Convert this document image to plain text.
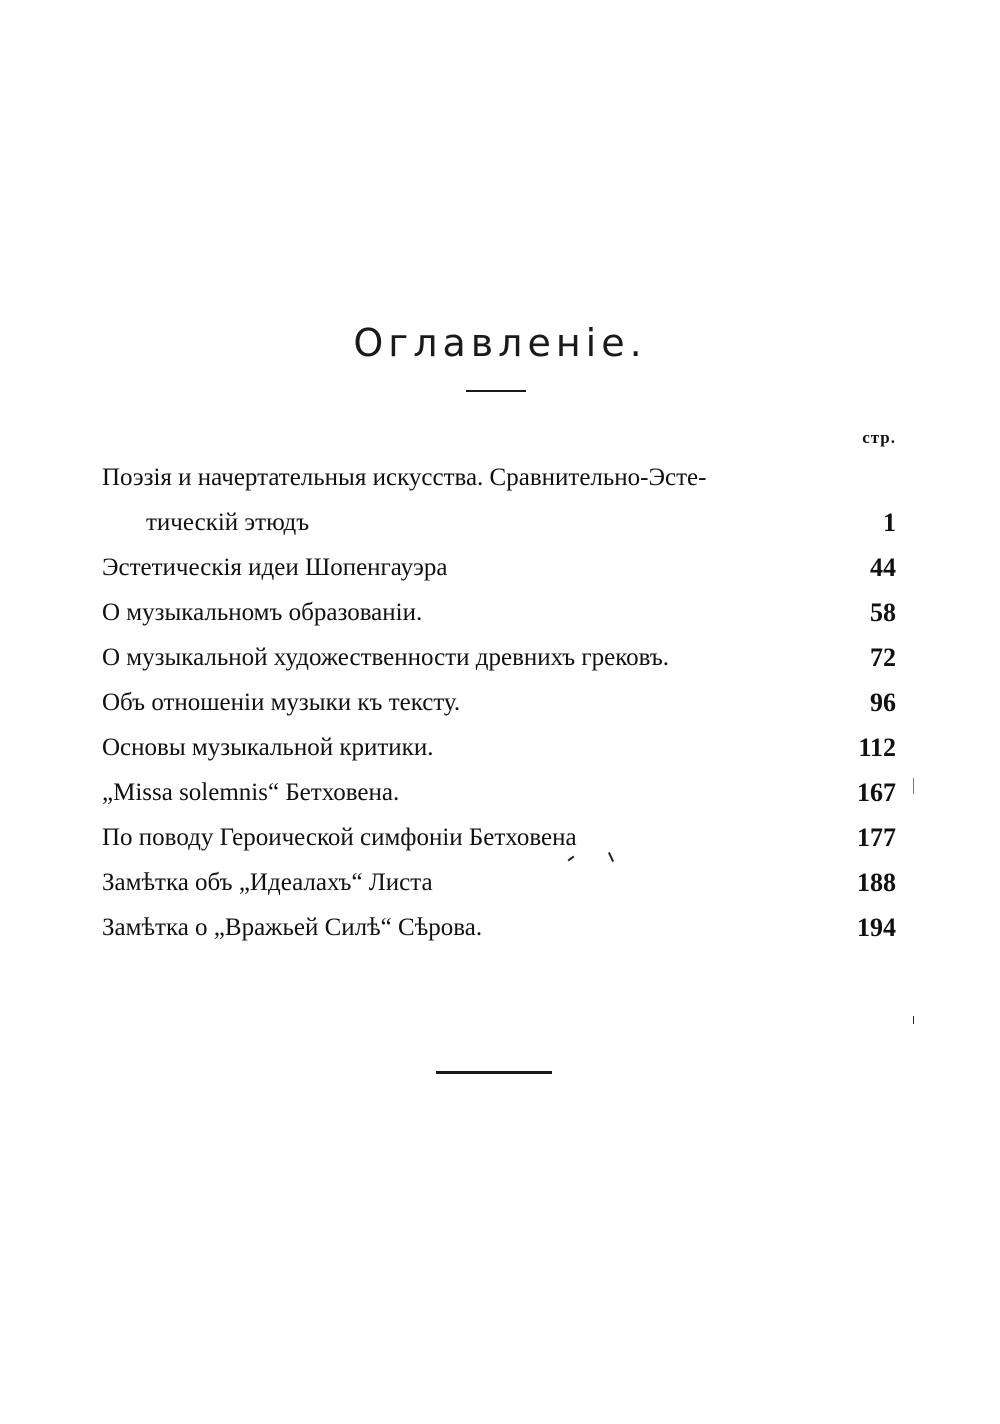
Оглавленіе.
стр.
Поэзія и начертательныя искусства. Сравнительно-Эсте-
тическій этюдъ	1
Эстетическія идеи Шопенгауэра	44
О музыкальномъ образованіи.	58
О музыкальной художественности древнихъ грековъ.	72
Объ отношеніи музыки къ тексту.	96
Основы музыкальной критики.	112
„Missa solemnis“ Бетховена.	167
По поводу Героической симфоніи Бетховена	177
Замѣтка объ „Идеалахъ“ Листа	188
Замѣтка о „Вражьей Силѣ“ Сѣрова.	194
